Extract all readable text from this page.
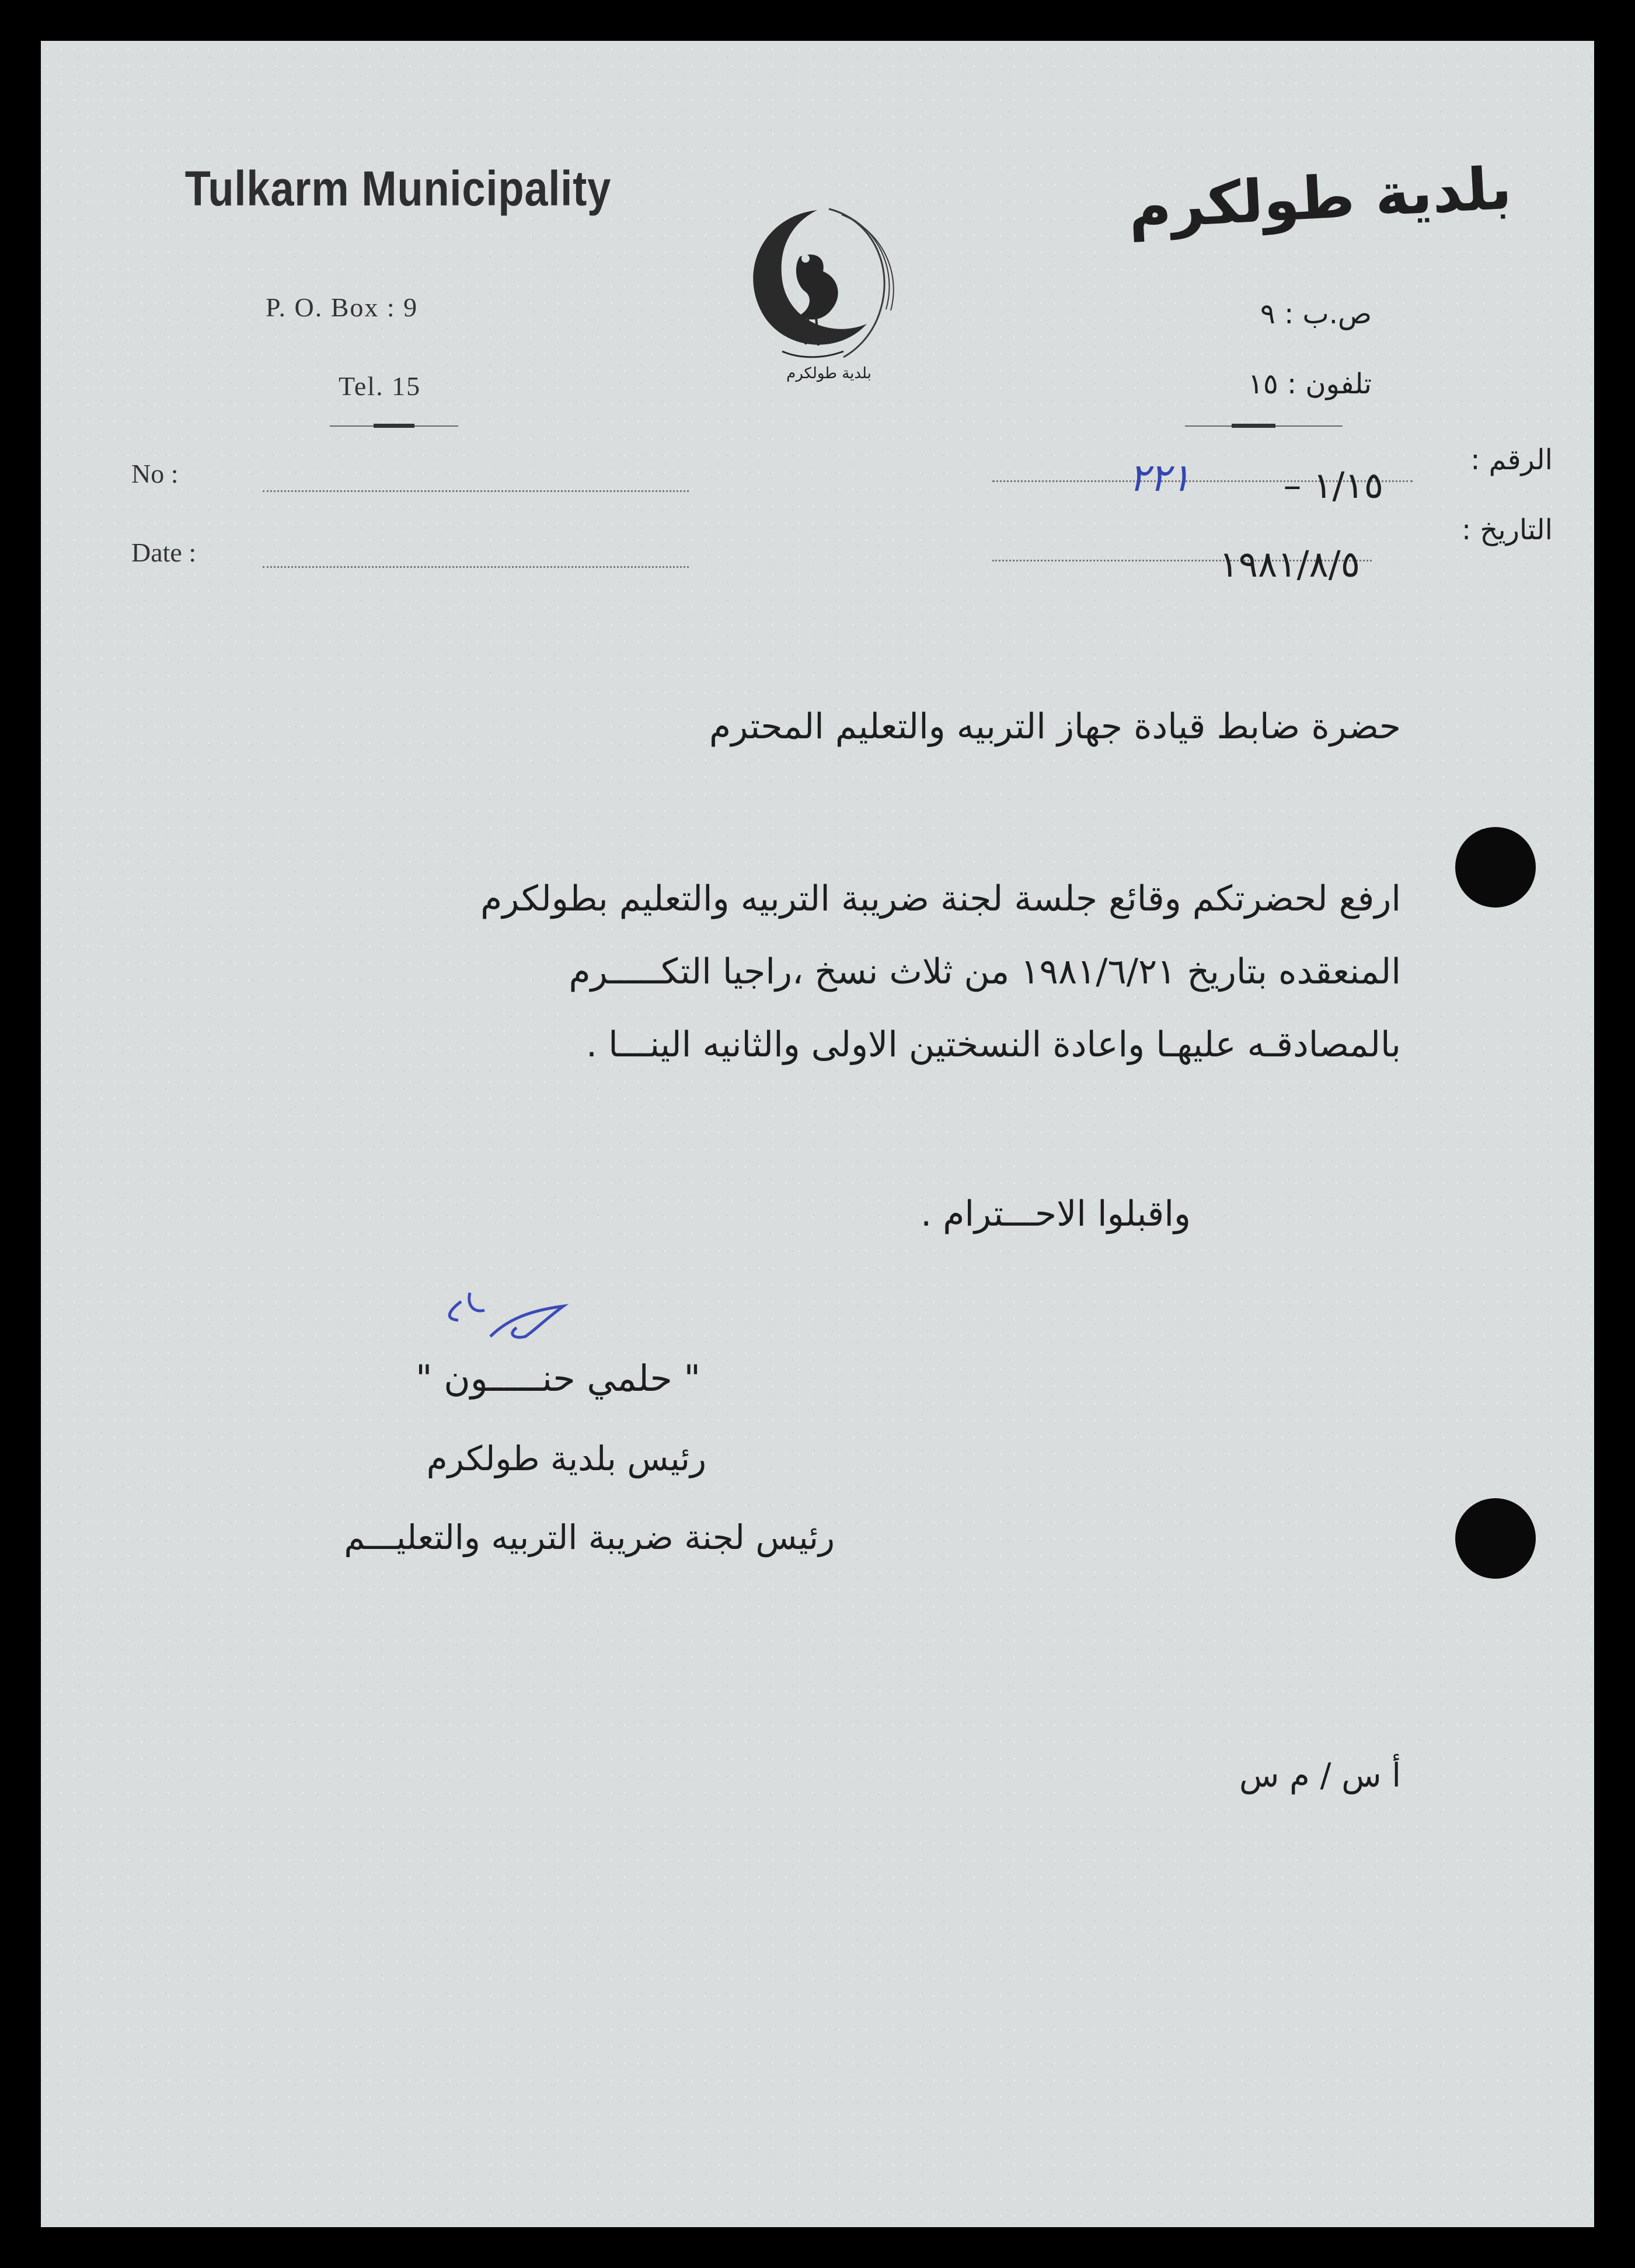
Tulkarm Municipality
P. O. Box : 9
Tel. 15	بلدية طولكرم
بلدية طولكرم
ص.ب : ٩
تلفون : ١٥
No :
Date :
الرقم :
التاريخ :
١/١٥ –
٢٢١
١٩٨١/٨/٥
حضرة ضابط قيادة جهاز التربيه والتعليم المحترم
ارفع لحضرتكم وقائع جلسة لجنة ضريبة التربيه والتعليم بطولكرم
المنعقده بتاريخ ١٩٨١/٦/٢١ من ثلاث نسخ ،راجيا التكـــــرم
بالمصادقـه عليهـا واعادة النسختين الاولى والثانيه الينـــا .
واقبلوا الاحـــترام .
" حلمي حنـــــون "
رئيس بلدية طولكرم
رئيس لجنة ضريبة التربيه والتعليـــم
أ س / م س
